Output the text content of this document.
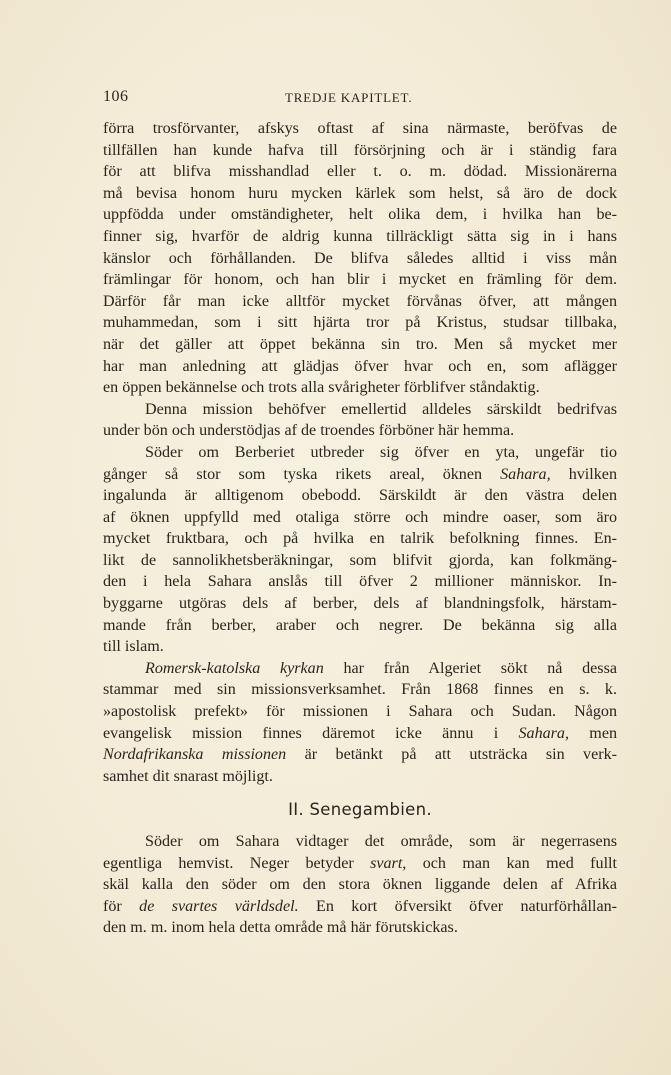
106	TREDJE KAPITLET.

förra trosförvanter, afskys oftast af sina närmaste, beröfvas de
tillfällen han kunde hafva till försörjning och är i ständig fara
för att blifva misshandlad eller t. o. m. dödad. Missionärerna
må bevisa honom huru mycken kärlek som helst, så äro de dock
uppfödda under omständigheter, helt olika dem, i hvilka han be-
finner sig, hvarför de aldrig kunna tillräckligt sätta sig in i hans
känslor och förhållanden. De blifva således alltid i viss mån
främlingar för honom, och han blir i mycket en främling för dem.
Därför får man icke alltför mycket förvånas öfver, att mången
muhammedan, som i sitt hjärta tror på Kristus, studsar tillbaka,
när det gäller att öppet bekänna sin tro. Men så mycket mer
har man anledning att glädjas öfver hvar och en, som aflägger
en öppen bekännelse och trots alla svårigheter förblifver ståndaktig.

Denna mission behöfver emellertid alldeles särskildt bedrifvas
under bön och understödjas af de troendes förböner här hemma.

Söder om Berberiet utbreder sig öfver en yta, ungefär tio
gånger så stor som tyska rikets areal, öknen Sahara, hvilken
ingalunda är alltigenom obebodd. Särskildt är den västra delen
af öknen uppfylld med otaliga större och mindre oaser, som äro
mycket fruktbara, och på hvilka en talrik befolkning finnes. En-
likt de sannolikhetsberäkningar, som blifvit gjorda, kan folkmäng-
den i hela Sahara anslås till öfver 2 millioner människor. In-
byggarne utgöras dels af berber, dels af blandningsfolk, härstam-
mande från berber, araber och negrer. De bekänna sig alla
till islam.

Romersk-katolska kyrkan har från Algeriet sökt nå dessa
stammar med sin missionsverksamhet. Från 1868 finnes en s. k.
»apostolisk prefekt» för missionen i Sahara och Sudan. Någon
evangelisk mission finnes däremot icke ännu i Sahara, men
Nordafrikanska missionen är betänkt på att utsträcka sin verk-
samhet dit snarast möjligt.

II. Senegambien.

Söder om Sahara vidtager det område, som är negerrasens
egentliga hemvist. Neger betyder svart, och man kan med fullt
skäl kalla den söder om den stora öknen liggande delen af Afrika
för de svartes världsdel. En kort öfversikt öfver naturförhållan-
den m. m. inom hela detta område må här förutskickas.
